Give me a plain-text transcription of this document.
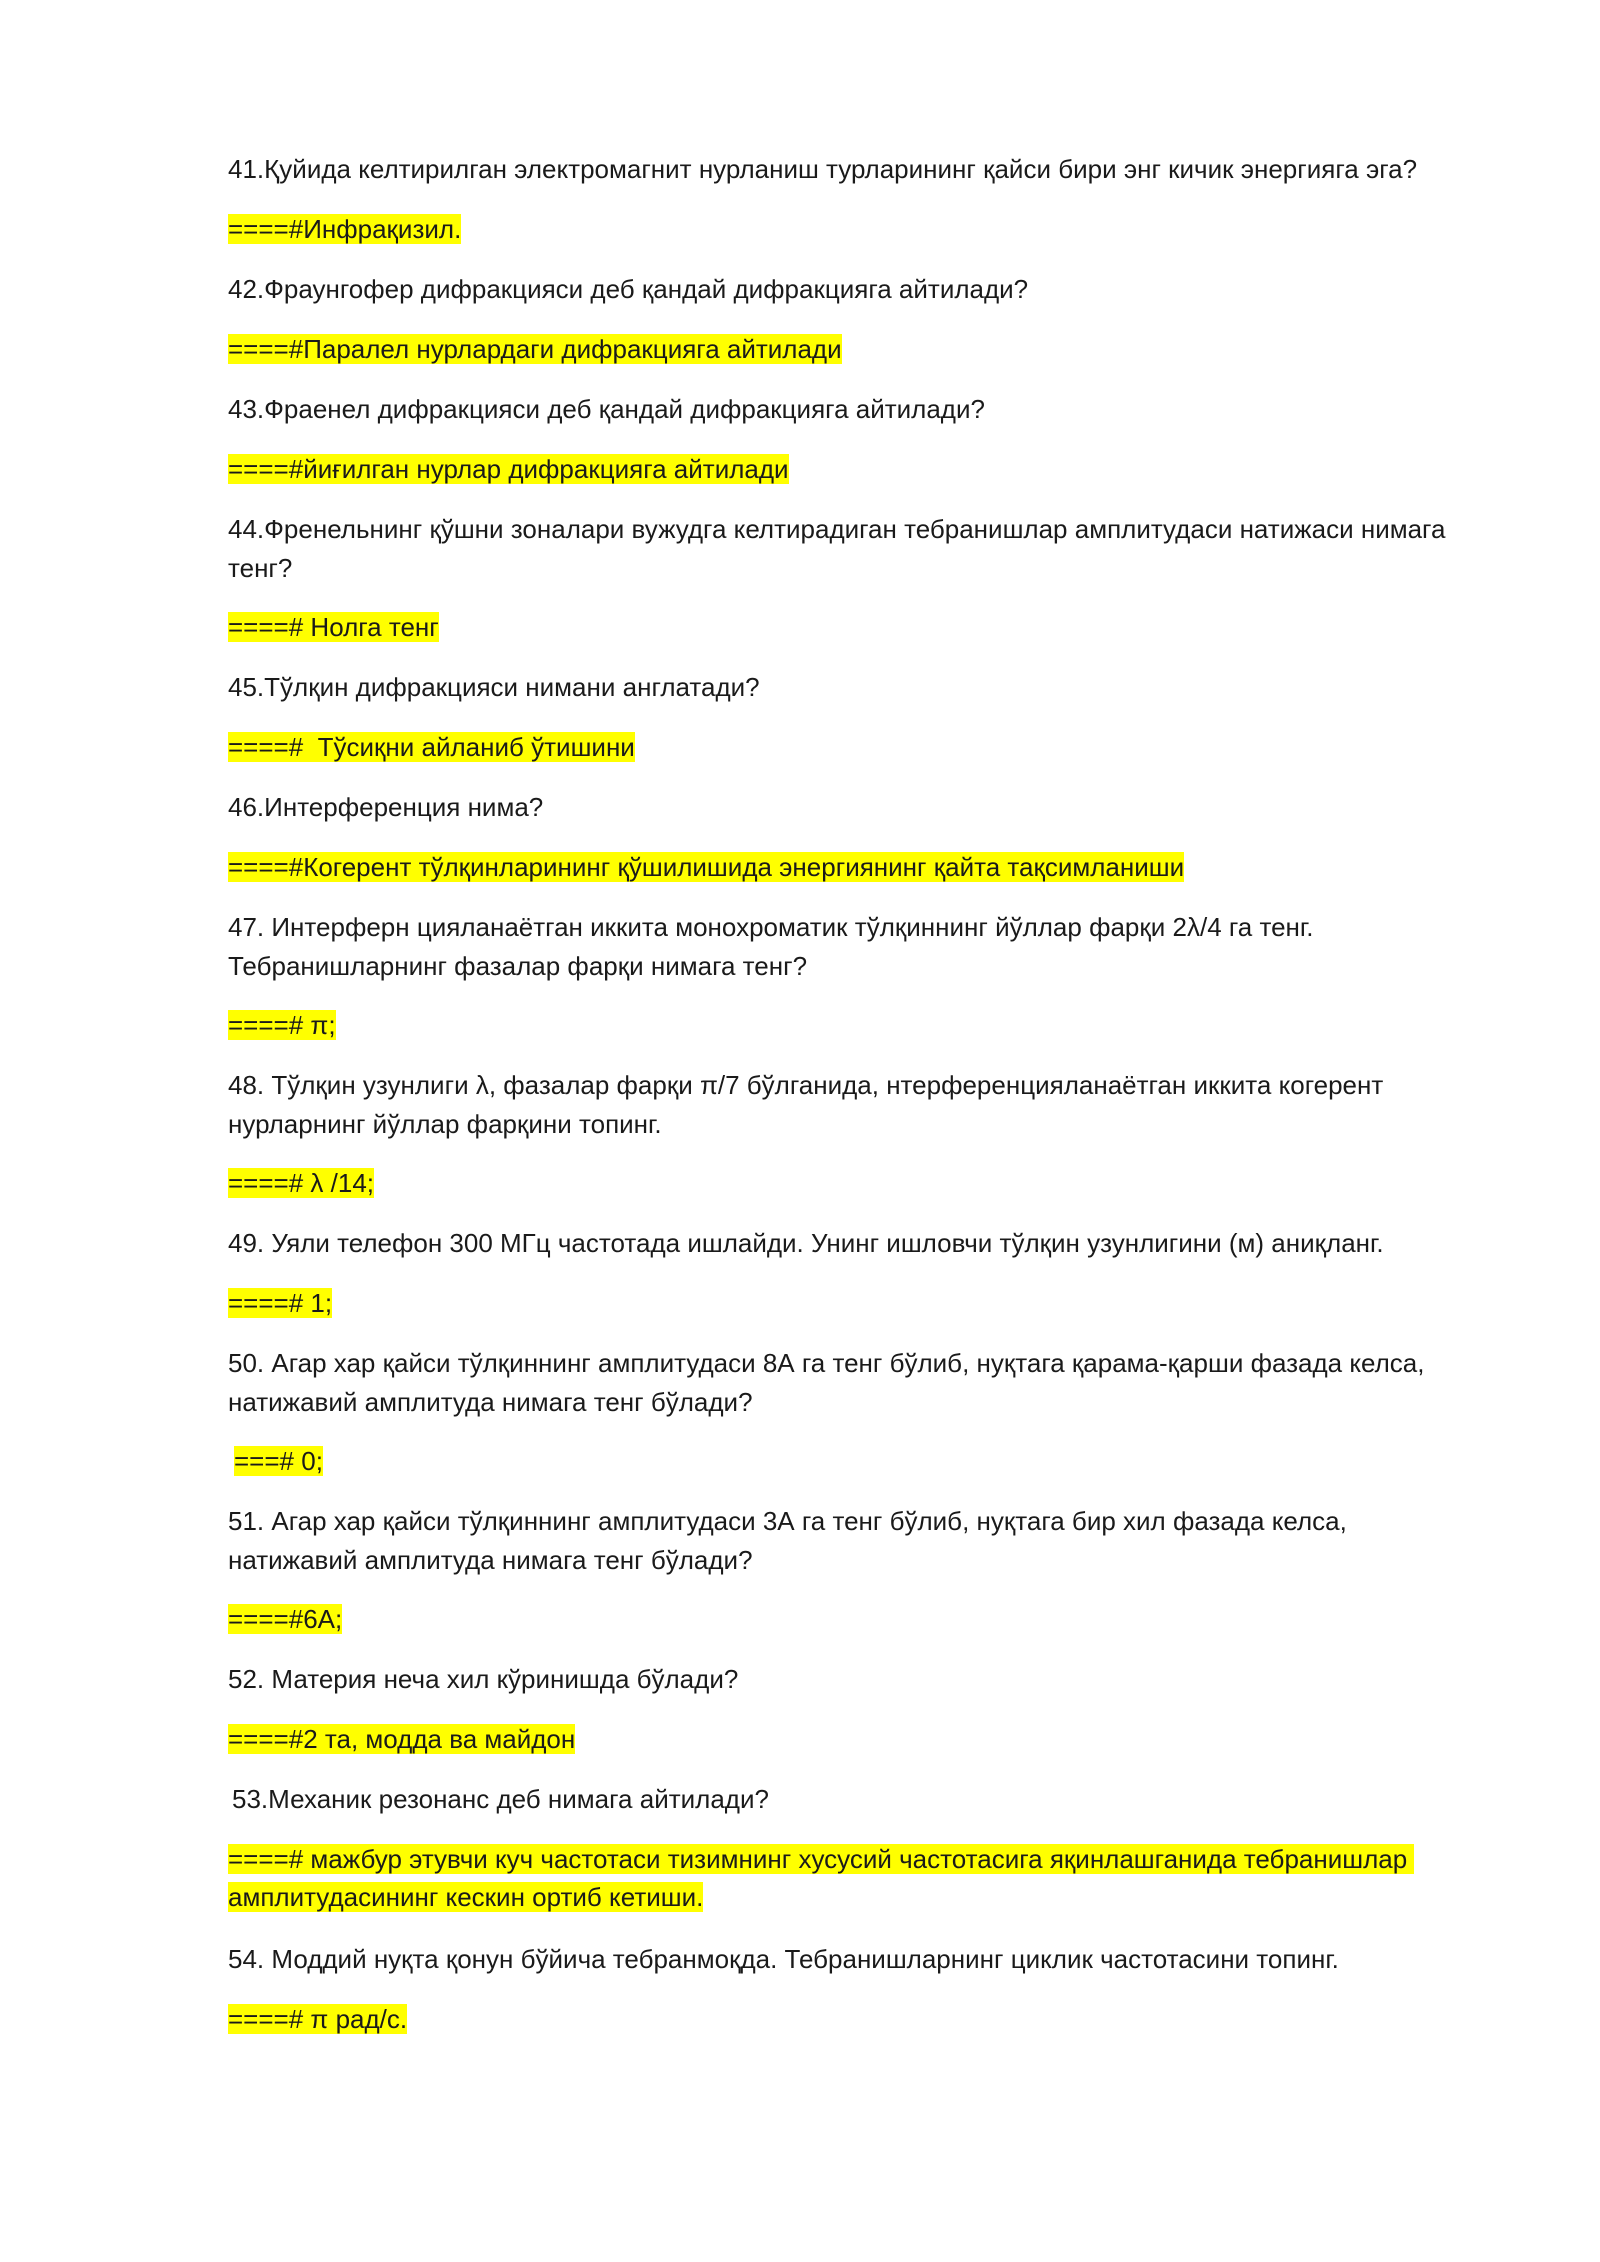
41.Қуйида келтирилган электромагнит нурланиш турларининг қайси бири энг кичик энергияга эга?

====#Инфрақизил.

42.Фраунгофер дифракцияси деб қандай дифракцияга айтилади?

====#Паралел нурлардаги дифракцияга айтилади

43.Фраенел дифракцияси деб қандай дифракцияга айтилади?

====#йиғилган нурлар дифракцияга айтилади

44.Френельнинг қўшни зоналари вужудга келтирадиган тебранишлар амплитудаси натижаси нимага тенг?

====# Нолга тенг

45.Тўлқин дифракцияси нимани англатади?

====#  Тўсиқни айланиб ўтишини

46.Интерференция нима?

====#Когерент тўлқинларининг қўшилишида энергиянинг қайта тақсимланиши

47. Интерферн цияланаётган иккита монохроматик тўлқиннинг йўллар фарқи 2λ/4 га тенг. Тебранишларнинг фазалар фарқи нимага тенг?

====# π;

48. Тўлқин узунлиги λ, фазалар фарқи π/7 бўлганида, нтерференцияланаётган иккита когерент нурларнинг йўллар фарқини топинг.

====# λ /14;

49. Уяли телефон 300 МГц частотада ишлайди. Унинг ишловчи тўлқин узунлигини (м) аниқланг.

====# 1;

50. Агар хар қайси тўлқиннинг амплитудаси 8А га тенг бўлиб, нуқтага қарама-қарши фазада келса, натижавий амплитуда нимага тенг бўлади?

===# 0;

51. Агар хар қайси тўлқиннинг амплитудаси 3А га тенг бўлиб, нуқтага бир хил фазада келса, натижавий амплитуда нимага тенг бўлади?

====#6А;

52. Материя неча хил кўринишда бўлади?

====#2 та, модда ва майдон

53.Механик резонанс деб нимага айтилади?

====# мажбур этувчи куч частотаси тизимнинг хусусий частотасига яқинлашганида тебранишлар амплитудасининг кескин ортиб кетиши.

54. Моддий нуқта қонун бўйича тебранмоқда. Тебранишларнинг циклик частотасини топинг.

====# π рад/с.
